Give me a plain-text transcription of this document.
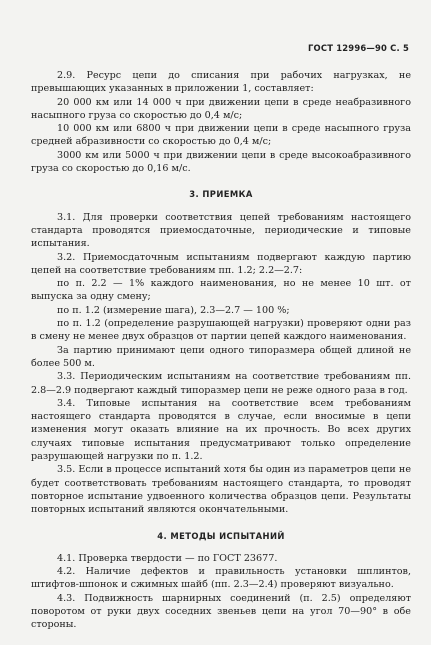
ГОСТ 12996—90 С. 5

2.9. Ресурс цепи до списания при рабочих нагрузках, не превышающих указанных в приложении 1, составляет:

20 000 км или 14 000 ч при движении цепи в среде неабразивного насыпного груза со скоростью до 0,4 м/с;

10 000 км или 6800 ч при движении цепи в среде насыпного груза средней абразивности со скоростью до 0,4 м/с;

3000 км или 5000 ч при движении цепи в среде высокоабразивного груза со скоростью до 0,16 м/с.

3. ПРИЕМКА

3.1. Для проверки соответствия цепей требованиям настоящего стандарта проводятся приемосдаточные, периодические и типовые испытания.

3.2. Приемосдаточным испытаниям подвергают каждую партию цепей на соответствие требованиям пп. 1.2; 2.2—2.7:

по п. 2.2 — 1% каждого наименования, но не менее 10 шт. от выпуска за одну смену;

по п. 1.2 (измерение шага), 2.3—2.7 — 100 %;

по п. 1.2 (определение разрушающей нагрузки) проверяют одни раз в смену не менее двух образцов от партии цепей каждого наименования.

За партию принимают цепи одного типоразмера общей длиной не более 500 м.

3.3. Периодическим испытаниям на соответствие требованиям пп. 2.8—2.9 подвергают каждый типоразмер цепи не реже одного раза в год.

3.4. Типовые испытания на соответствие всем требованиям настоящего стандарта проводятся в случае, если вносимые в цепи изменения могут оказать влияние на их прочность. Во всех других случаях типовые испытания предусматривают только определение разрушающей нагрузки по п. 1.2.

3.5. Если в процессе испытаний хотя бы один из параметров цепи не будет соответствовать требованиям настоящего стандарта, то проводят повторное испытание удвоенного количества образцов цепи. Результаты повторных испытаний являются окончательными.

4. МЕТОДЫ ИСПЫТАНИЙ

4.1. Проверка твердости — по ГОСТ 23677.

4.2. Наличие дефектов и правильность установки шплинтов, штифтов-шпонок и сжимных шайб (пп. 2.3—2.4) проверяют визуально.

4.3. Подвижность шарнирных соединений (п. 2.5) определяют поворотом от руки двух соседних звеньев цепи на угол 70—90° в обе стороны.
